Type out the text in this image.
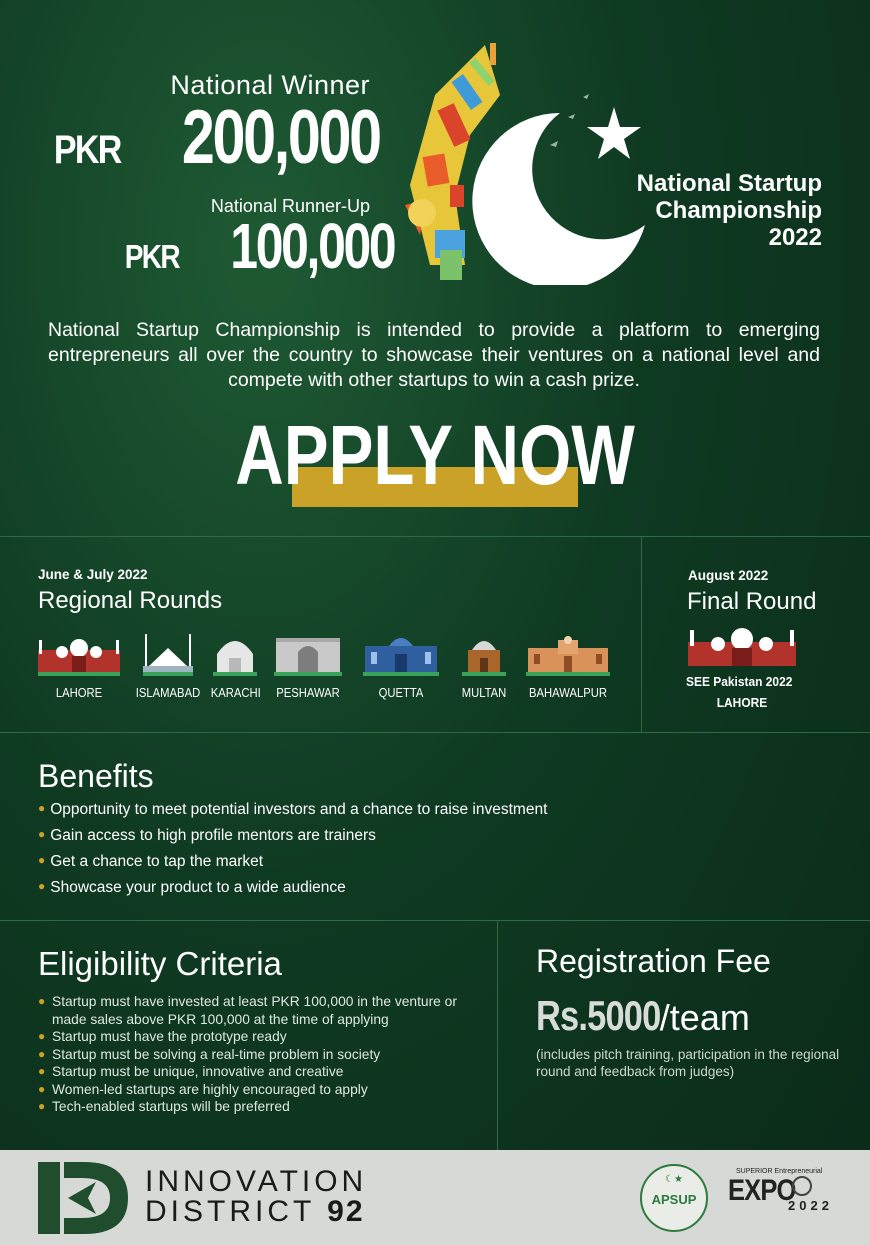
National Winner
PKR 200,000
National Runner-Up
PKR 100,000
National Startup
Championship
2022
National Startup Championship is intended to provide a platform to emerging entrepreneurs all over the country to showcase their ventures on a national level and compete with other startups to win a cash prize.
APPLY NOW
June & July 2022
Regional Rounds
LAHORE	ISLAMABAD KARACHI PESHAWAR	QUETTA	MULTAN BAHAWALPUR
August 2022
Final Round
SEE Pakistan 2022
LAHORE
Benefits
● Opportunity to meet potential investors and a chance to raise investment
● Gain access to high profile mentors are trainers
● Get a chance to tap the market
● Showcase your product to a wide audience
Eligibility Criteria
● Startup must have invested at least PKR 100,000 in the venture or made sales above PKR 100,000 at the time of applying
● Startup must have the prototype ready
● Startup must be solving a real-time problem in society
● Startup must be unique, innovative and creative
● Women-led startups are highly encouraged to apply
● Tech-enabled startups will be preferred
Registration Fee
Rs.5000/team
(includes pitch training, participation in the regional round and feedback from judges)
INNOVATION
DISTRICT 92
☾★
APSUP
SUPERIOR Entrepreneurial
EXPO
2022
